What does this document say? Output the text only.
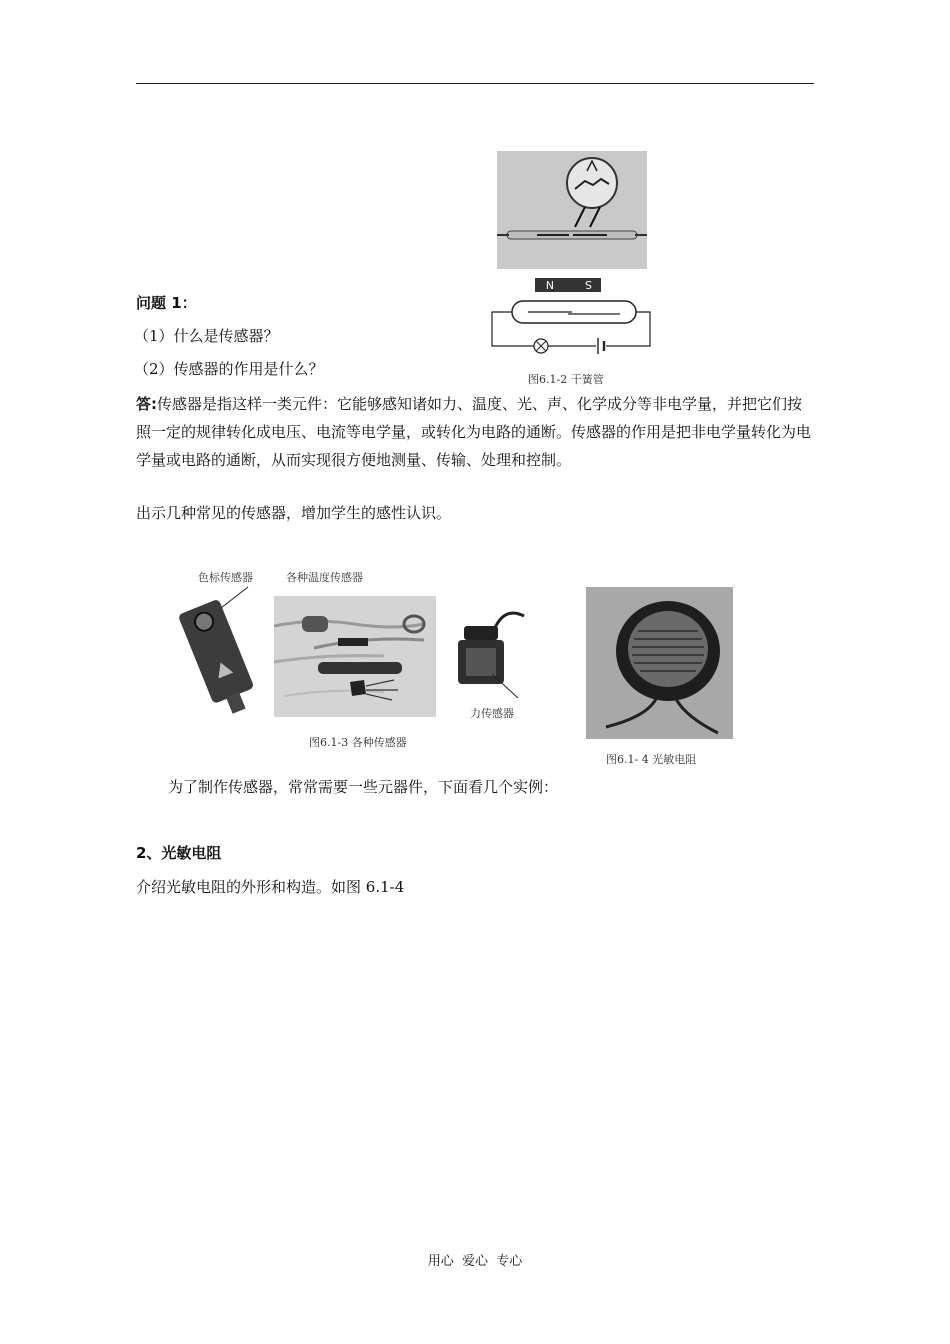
N	S
图6.1-2 干簧管
问题 1：
（1）什么是传感器？
（2）传感器的作用是什么？
答:传感器是指这样一类元件：它能够感知诸如力、温度、光、声、化学成分等非电学量，并把它们按照一定的规律转化成电压、电流等电学量，或转化为电路的通断。传感器的作用是把非电学量转化为电学量或电路的通断，从而实现很方便地测量、传输、处理和控制。
出示几种常见的传感器，增加学生的感性认识。
色标传感器	各种温度传感器
力传感器
图6.1-3 各种传感器
图6.1- 4 光敏电阻
为了制作传感器，常常需要一些元器件，下面看几个实例：
2、光敏电阻
介绍光敏电阻的外形和构造。如图 6.1-4
用心  爱心  专心
